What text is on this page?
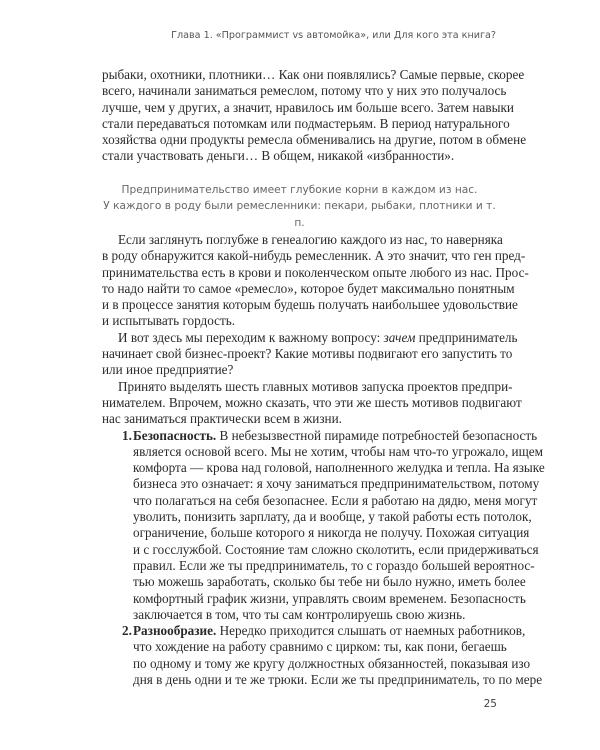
Глава 1. «Программист vs автомойка», или Для кого эта книга?
рыбаки, охотники, плотники… Как они появлялись? Самые первые, скорее
всего, начинали заниматься ремеслом, потому что у них это получалось
лучше, чем у других, а значит, нравилось им больше всего. Затем навыки
стали передаваться потомкам или подмастерьям. В период натурального
хозяйства одни продукты ремесла обменивались на другие, потом в обмене
стали участвовать деньги… В общем, никакой «избранности».
Предпринимательство имеет глубокие корни в каждом из нас.
У каждого в роду были ремесленники: пекари, рыбаки, плотники и т. п.
Если заглянуть поглубже в генеалогию каждого из нас, то наверняка
в роду обнаружится какой-нибудь ремесленник. А это значит, что ген пред-
принимательства есть в крови и поколенческом опыте любого из нас. Прос-
то надо найти то самое «ремесло», которое будет максимально понятным
и в процессе занятия которым будешь получать наибольшее удовольствие
и испытывать гордость.
И вот здесь мы переходим к важному вопросу: зачем предприниматель
начинает свой бизнес-проект? Какие мотивы подвигают его запустить то
или иное предприятие?
Принято выделять шесть главных мотивов запуска проектов предпри-
нимателем. Впрочем, можно сказать, что эти же шесть мотивов подвигают
нас заниматься практически всем в жизни.
1. Безопасность. В небезызвестной пирамиде потребностей безопасность
является основой всего. Мы не хотим, чтобы нам что-то угрожало, ищем
комфорта — крова над головой, наполненного желудка и тепла. На языке
бизнеса это означает: я хочу заниматься предпринимательством, потому
что полагаться на себя безопаснее. Если я работаю на дядю, меня могут
уволить, понизить зарплату, да и вообще, у такой работы есть потолок,
ограничение, больше которого я никогда не получу. Похожая ситуация
и с госслужбой. Состояние там сложно сколотить, если придерживаться
правил. Если же ты предприниматель, то с гораздо большей вероятнос-
тью можешь заработать, сколько бы тебе ни было нужно, иметь более
комфортный график жизни, управлять своим временем. Безопасность
заключается в том, что ты сам контролируешь свою жизнь.
2. Разнообразие. Нередко приходится слышать от наемных работников,
что хождение на работу сравнимо с цирком: ты, как пони, бегаешь
по одному и тому же кругу должностных обязанностей, показывая изо
дня в день одни и те же трюки. Если же ты предприниматель, то по мере
25
